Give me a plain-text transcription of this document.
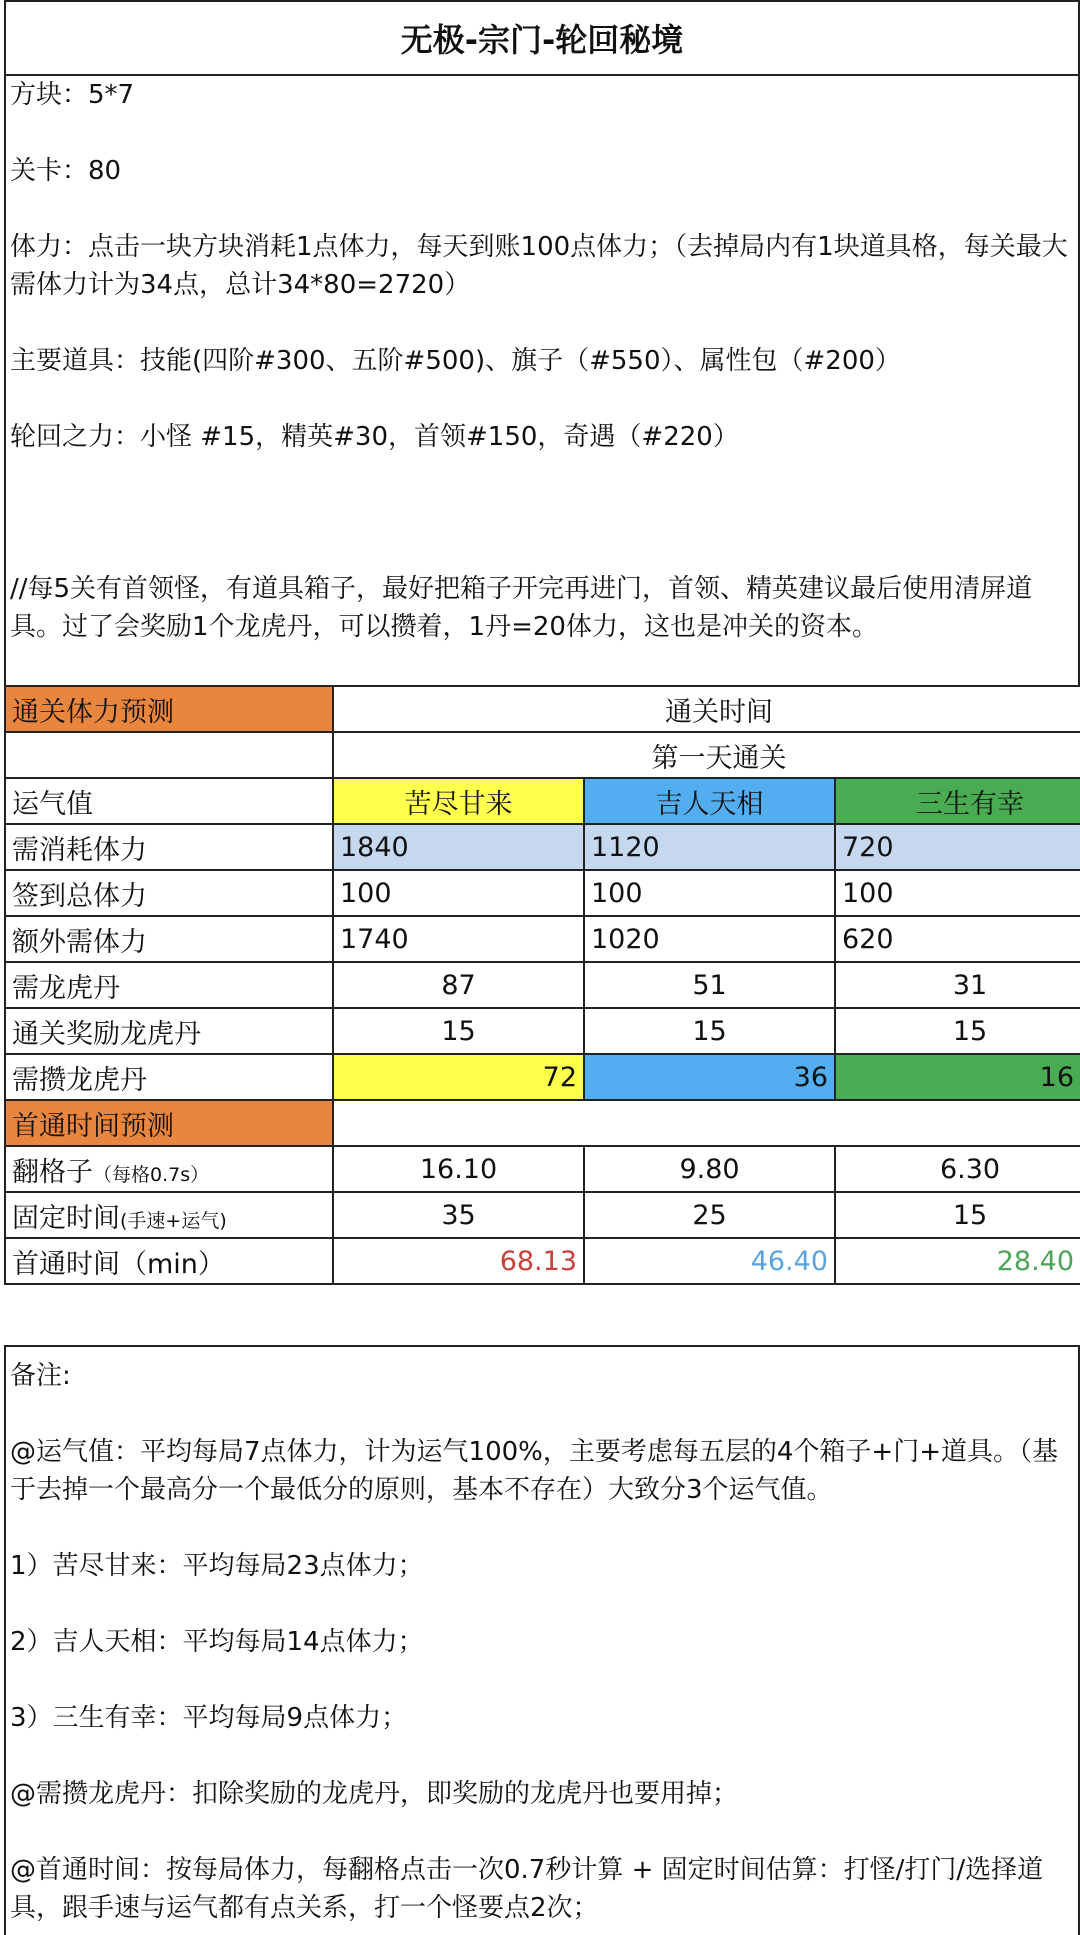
无极-宗门-轮回秘境

方块：5*7

关卡：80

体力：点击一块方块消耗1点体力，每天到账100点体力；（去掉局内有1块道具格，每关最大需体力计为34点，总计34*80=2720）

主要道具：技能(四阶#300、五阶#500)、旗子（#550）、属性包（#200）

轮回之力：小怪 #15，精英#30，首领#150，奇遇（#220）

//每5关有首领怪，有道具箱子，最好把箱子开完再进门，首领、精英建议最后使用清屏道具。过了会奖励1个龙虎丹，可以攒着，1丹=20体力，这也是冲关的资本。

通关体力预测	通关时间		
	第一天通关		
运气值	苦尽甘来	吉人天相	三生有幸
需消耗体力	1840	1120	720
签到总体力	100	100	100
额外需体力	1740	1020	620
需龙虎丹	87	51	31
通关奖励龙虎丹	15	15	15
需攒龙虎丹	72	36	16
首通时间预测			
翻格子（每格0.7s）	16.10	9.80	6.30
固定时间(手速+运气)	35	25	15
首通时间（min）	68.13	46.40	28.40

备注:

@运气值：平均每局7点体力，计为运气100%，主要考虑每五层的4个箱子+门+道具。（基于去掉一个最高分一个最低分的原则，基本不存在）大致分3个运气值。

1）苦尽甘来：平均每局23点体力；

2）吉人天相：平均每局14点体力；

3）三生有幸：平均每局9点体力；

@需攒龙虎丹：扣除奖励的龙虎丹，即奖励的龙虎丹也要用掉；

@首通时间：按每局体力，每翻格点击一次0.7秒计算 + 固定时间估算：打怪/打门/选择道具，跟手速与运气都有点关系，打一个怪要点2次；
